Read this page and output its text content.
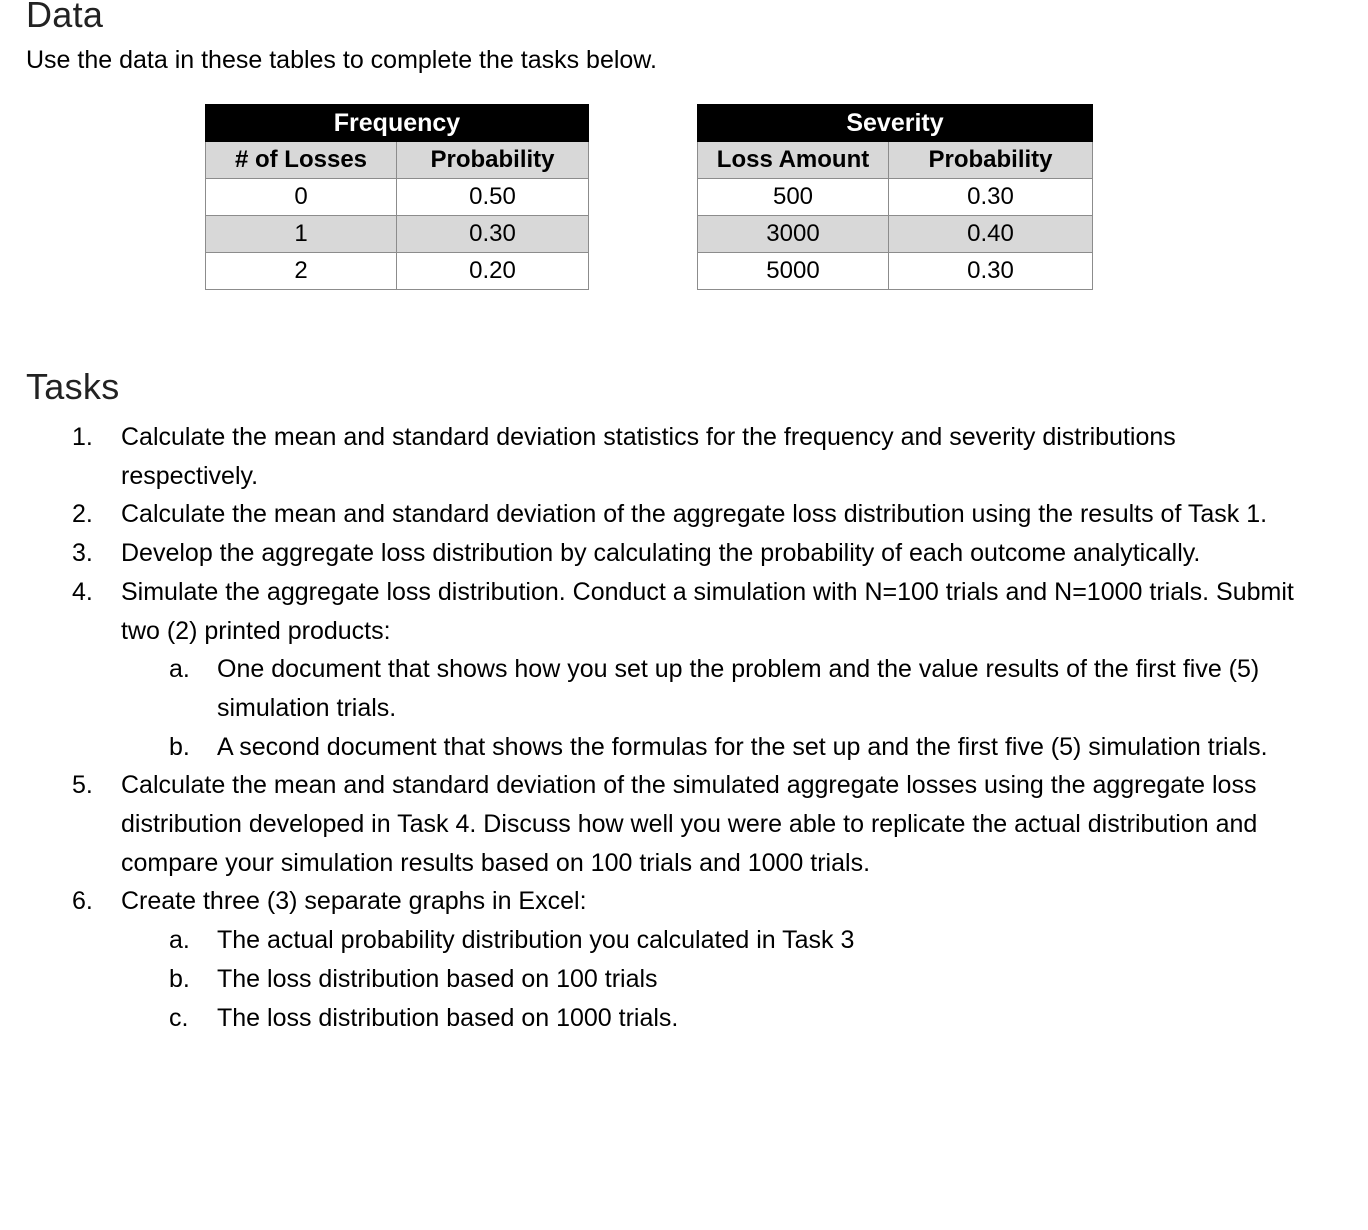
Data

Use the data in these tables to complete the tasks below.

Frequency	
# of Losses	Probability
0	0.50
1	0.30
2	0.20
Severity	
Loss Amount	Probability
500	0.30
3000	0.40
5000	0.30
Tasks
1. Calculate the mean and standard deviation statistics for the frequency and severity distributions respectively.
2. Calculate the mean and standard deviation of the aggregate loss distribution using the results of Task 1.
3. Develop the aggregate loss distribution by calculating the probability of each outcome analytically.
4. Simulate the aggregate loss distribution. Conduct a simulation with N=100 trials and N=1000 trials. Submit two (2) printed products:
a. One document that shows how you set up the problem and the value results of the first five (5) simulation trials.
b. A second document that shows the formulas for the set up and the first five (5) simulation trials.
5. Calculate the mean and standard deviation of the simulated aggregate losses using the aggregate loss distribution developed in Task 4. Discuss how well you were able to replicate the actual distribution and compare your simulation results based on 100 trials and 1000 trials.
6. Create three (3) separate graphs in Excel:
a. The actual probability distribution you calculated in Task 3
b. The loss distribution based on 100 trials
c. The loss distribution based on 1000 trials.
